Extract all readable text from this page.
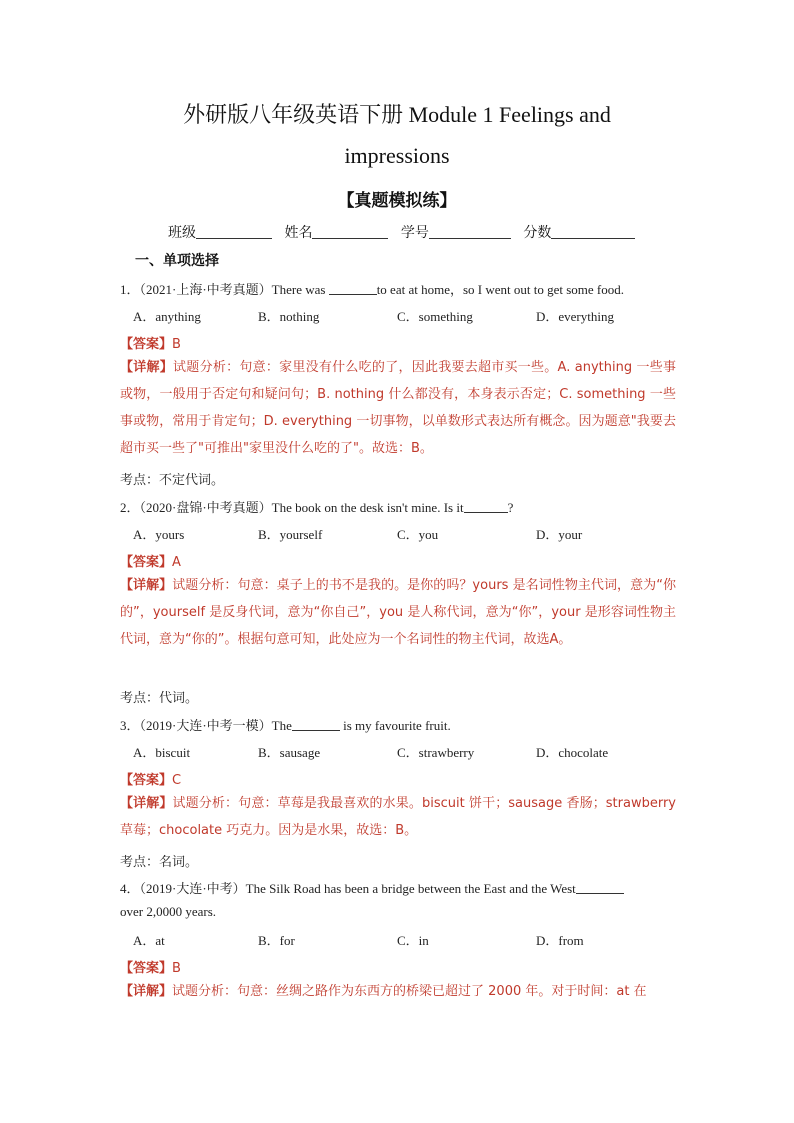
外研版八年级英语下册 Module 1 Feelings and
impressions
【真题模拟练】
班级	姓名	学号	分数
一、单项选择
1．（2021·上海·中考真题）There was	to eat at home，so I went out to get some food.
A．anything	B．nothing	C．something	D．everything
【答案】B
【详解】试题分析：句意：家里没有什么吃的了，因此我要去超市买一些。A. anything 一些事或物，一般用于否定句和疑问句；B. nothing 什么都没有，本身表示否定；C. something 一些事或物，常用于肯定句；D. everything 一切事物，以单数形式表达所有概念。因为题意"我要去超市买一些了"可推出"家里没什么吃的了"。故选：B。
考点：不定代词。
2．（2020·盘锦·中考真题）The book on the desk isn't mine. Is it	?
A．yours	B．yourself	C．you	D．your
【答案】A
【详解】试题分析：句意：桌子上的书不是我的。是你的吗？yours 是名词性物主代词，意为“你的”，yourself 是反身代词，意为“你自己”，you 是人称代词，意为“你”，your 是形容词性物主代词，意为“你的”。根据句意可知，此处应为一个名词性的物主代词，故选A。
考点：代词。
3．（2019·大连·中考一模）The	is my favourite fruit.
A．biscuit	B．sausage	C．strawberry	D．chocolate
【答案】C
【详解】试题分析：句意：草莓是我最喜欢的水果。biscuit 饼干；sausage 香肠；strawberry 草莓；chocolate 巧克力。因为是水果，故选：B。
考点：名词。
4．（2019·大连·中考）The Silk Road has been a bridge between the East and the West
over 2,0000 years.
A．at	B．for	C．in	D．from
【答案】B
【详解】试题分析：句意：丝绸之路作为东西方的桥梁已超过了 2000 年。对于时间：at 在
